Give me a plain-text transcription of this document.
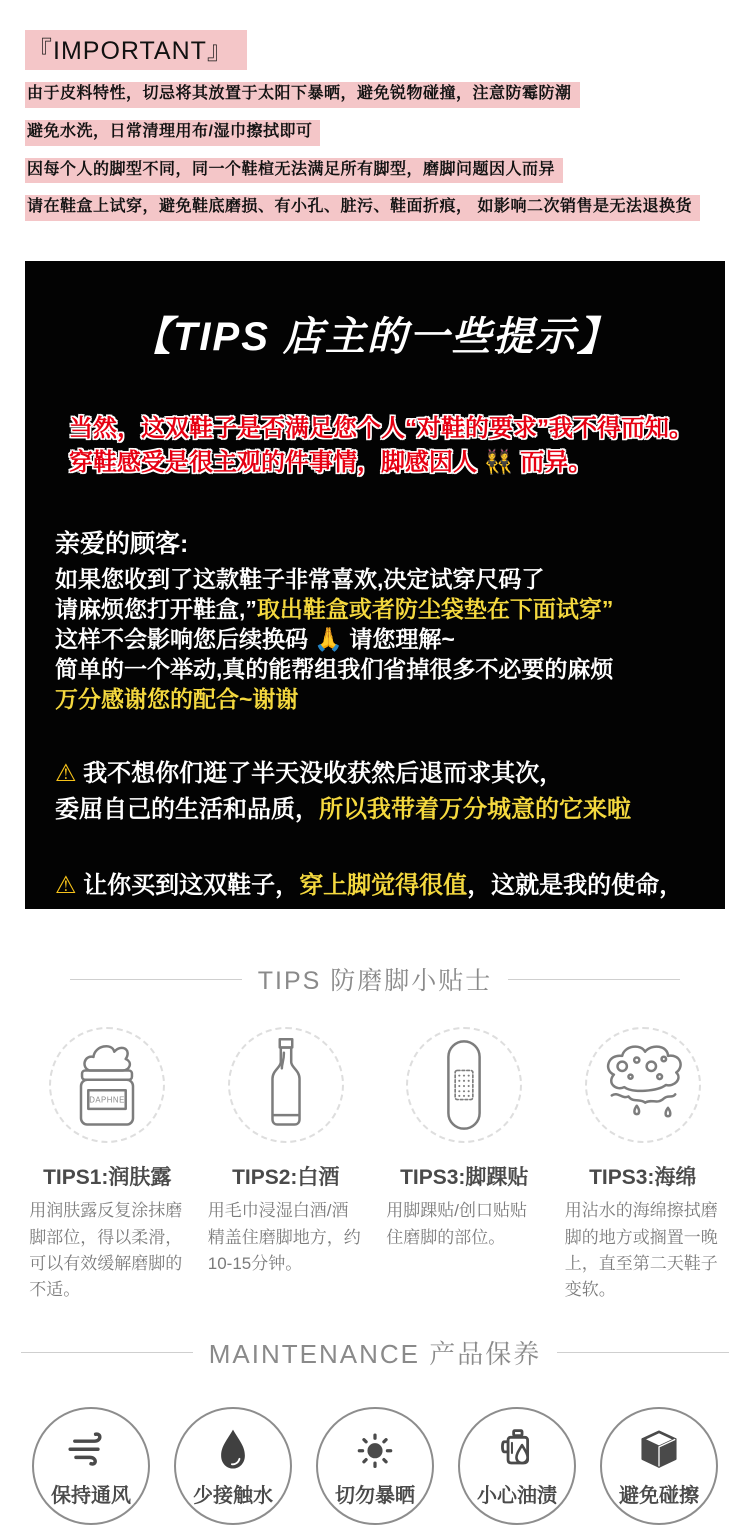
『IMPORTANT』
由于皮料特性，切忌将其放置于太阳下暴晒，避免锐物碰撞，注意防霉防潮
避免水洗，日常清理用布/湿巾擦拭即可
因每个人的脚型不同，同一个鞋楦无法满足所有脚型，磨脚问题因人而异
请在鞋盒上试穿，避免鞋底磨损、有小孔、脏污、鞋面折痕， 如影响二次销售是无法退换货
【TIPS 店主的一些提示】
当然，这双鞋子是否满足您个人“对鞋的要求”我不得而知。
穿鞋感受是很主观的件事情，脚感因人 👯 而异。
亲爱的顾客:
如果您收到了这款鞋子非常喜欢,决定试穿尺码了
请麻烦您打开鞋盒,”取出鞋盒或者防尘袋垫在下面试穿”
这样不会影响您后续换码 🙏 请您理解~
简单的一个举动,真的能帮组我们省掉很多不必要的麻烦
万分感谢您的配合~谢谢
⚠ 我不想你们逛了半天没收获然后退而求其次，
委屈自己的生活和品质，所以我带着万分城意的它来啦
⚠ 让你买到这双鞋子，穿上脚觉得很值，这就是我的使命，
TIPS 防磨脚小贴士
DAPHNE
TIPS1:润肤露
用润肤露反复涂抹磨脚部位，得以柔滑，可以有效缓解磨脚的不适。
TIPS2:白酒
用毛巾浸湿白酒/酒精盖住磨脚地方，约10-15分钟。
TIPS3:脚踝贴
用脚踝贴/创口贴贴住磨脚的部位。
TIPS3:海绵
用沾水的海绵擦拭磨脚的地方或搁置一晚上，直至第二天鞋子变软。
MAINTENANCE 产品保养
保持通风	少接触水	切勿暴晒	小心油渍	避免碰擦
